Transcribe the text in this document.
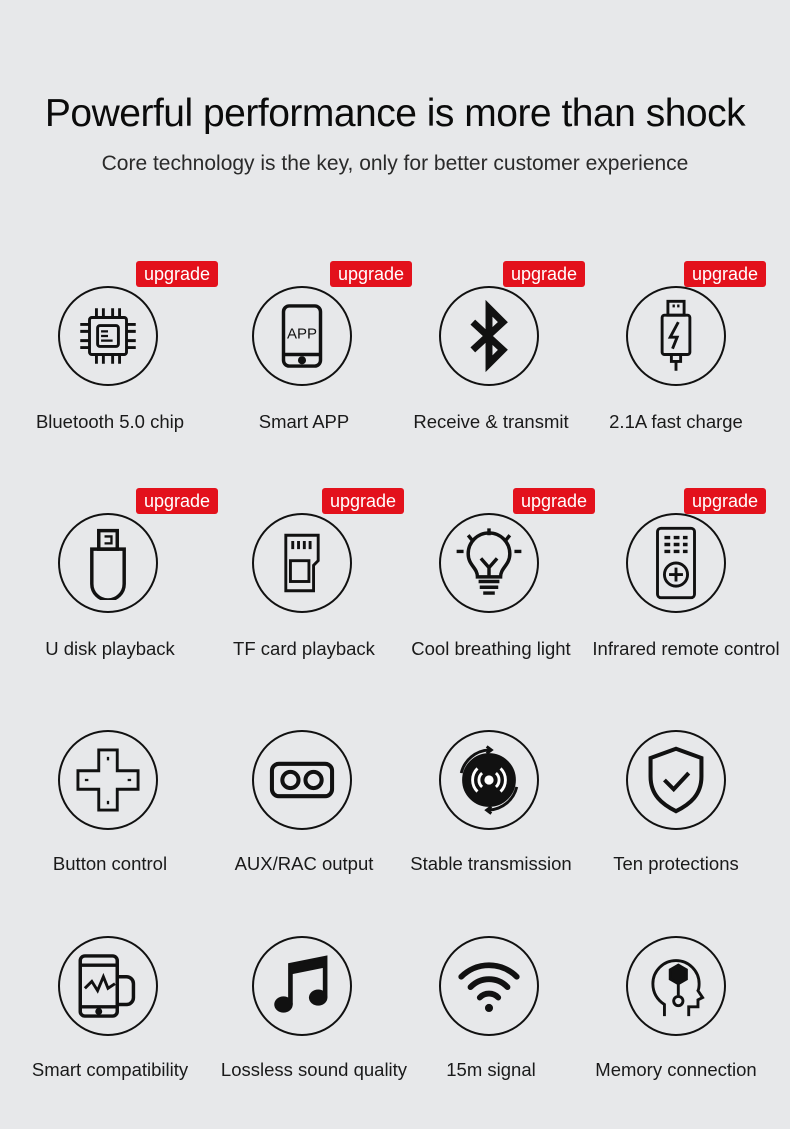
Powerful performance is more than shock
Core technology is the key, only for better customer experience
upgrade
Bluetooth 5.0 chip
upgrade
APP
Smart APP
upgrade
Receive & transmit
upgrade
2.1A fast charge
upgrade
U disk playback
upgrade
TF card playback
upgrade
Cool breathing light
upgrade
Infrared remote control
Button control	AUX/RAC output	Stable transmission	Ten protections
Smart compatibility	Lossless sound quality	15m signal	Memory connection
